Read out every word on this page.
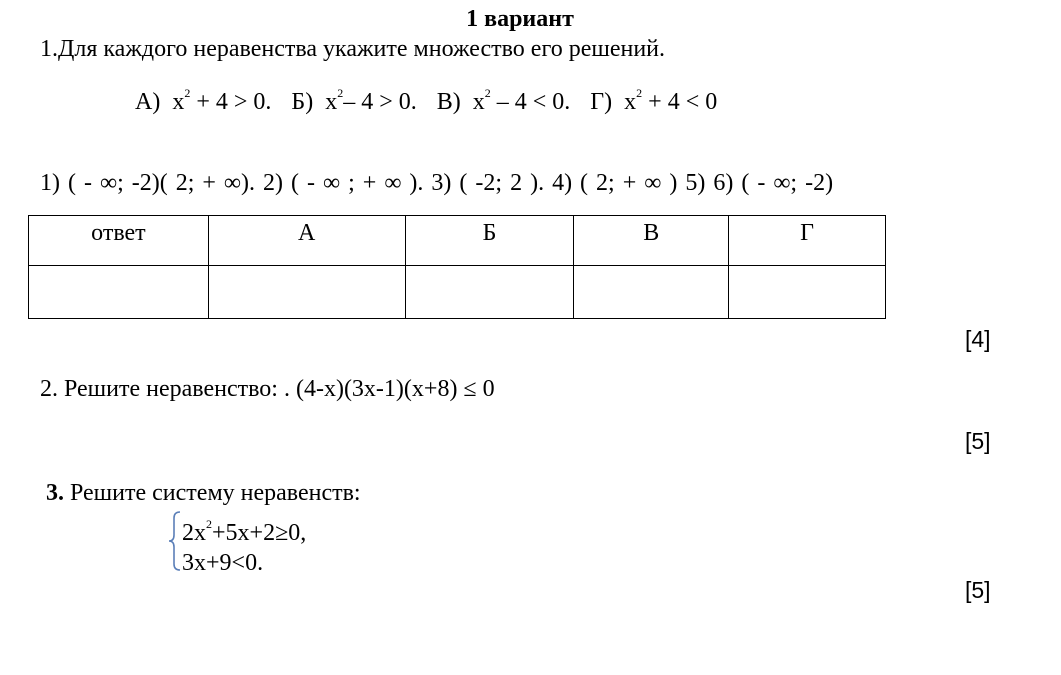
1 вариант
1.Для каждого неравенства укажите множество его решений.
А) $x^2 + 4 > 0$. Б) $x^2-$ 4 > 0. В) $x^2 - 4 < 0$. Г) $x^2 + 4 < 0$
1) ( - ∞; -2)( 2; + ∞). 2) ( - ∞ ; + ∞ ). 3) ( -2; 2 ). 4) ( 2; + ∞ ) 5) 6) ( - ∞; -2)
ответ	А	Б	В	Г

[4]
2. Решите неравенство: . (4-x)(3x-1)(x+8) ≤ 0
[5]
3. Решите систему неравенств:
$2x^2+5x+2\ge 0$,
3x+9<0.
[5]
